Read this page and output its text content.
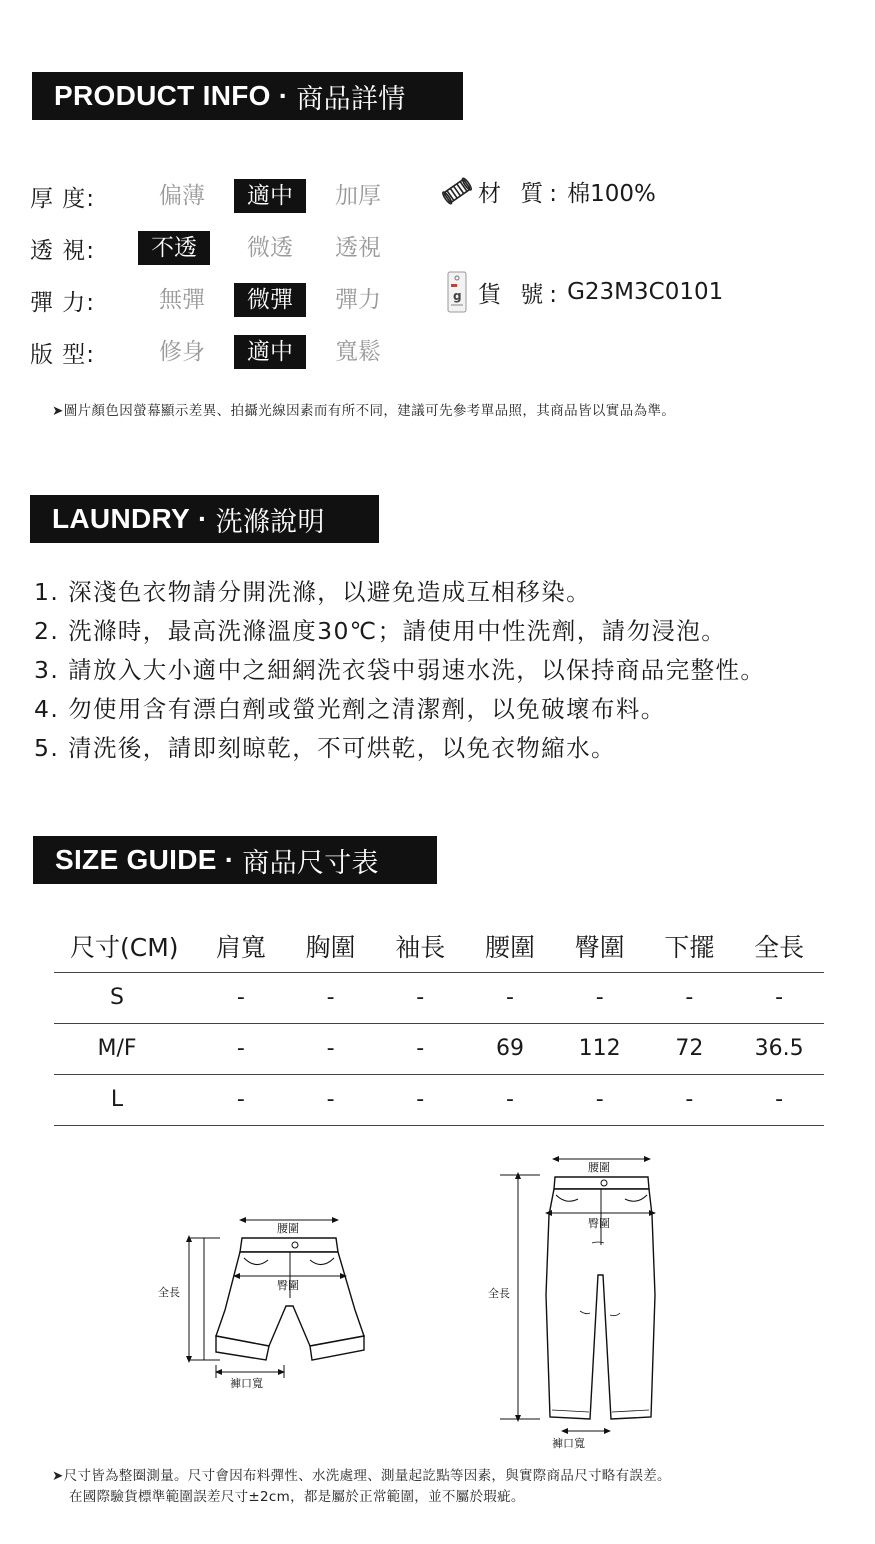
PRODUCT INFO · 商品詳情
厚 度:	偏薄	適中	加厚
透 視:	不透	微透	透視
彈 力:	無彈	微彈	彈力
版 型:	修身	適中	寬鬆
材 質: 棉100%
g 貨 號: G23M3C0101
➤圖片顏色因螢幕顯示差異、拍攝光線因素而有所不同，建議可先參考單品照，其商品皆以實品為準。
LAUNDRY · 洗滌說明
1. 深淺色衣物請分開洗滌，以避免造成互相移染。
2. 洗滌時，最高洗滌溫度30℃；請使用中性洗劑，請勿浸泡。
3. 請放入大小適中之細網洗衣袋中弱速水洗，以保持商品完整性。
4. 勿使用含有漂白劑或螢光劑之清潔劑，以免破壞布料。
5. 清洗後，請即刻晾乾，不可烘乾，以免衣物縮水。
SIZE GUIDE · 商品尺寸表
尺寸(CM)	肩寬	胸圍	袖長	腰圍	臀圍	下擺	全長
S	-	-	-	-	-	-	-
M/F	-	-	-	69	112	72	36.5
L	-	-	-	-	-	-	-
腰圍
臀圍
全長
褲口寬
腰圍
臀圍
全長
褲口寬
➤尺寸皆為整圈測量。尺寸會因布料彈性、水洗處理、測量起訖點等因素，與實際商品尺寸略有誤差。
在國際驗貨標準範圍誤差尺寸±2cm，都是屬於正常範圍，並不屬於瑕疵。
